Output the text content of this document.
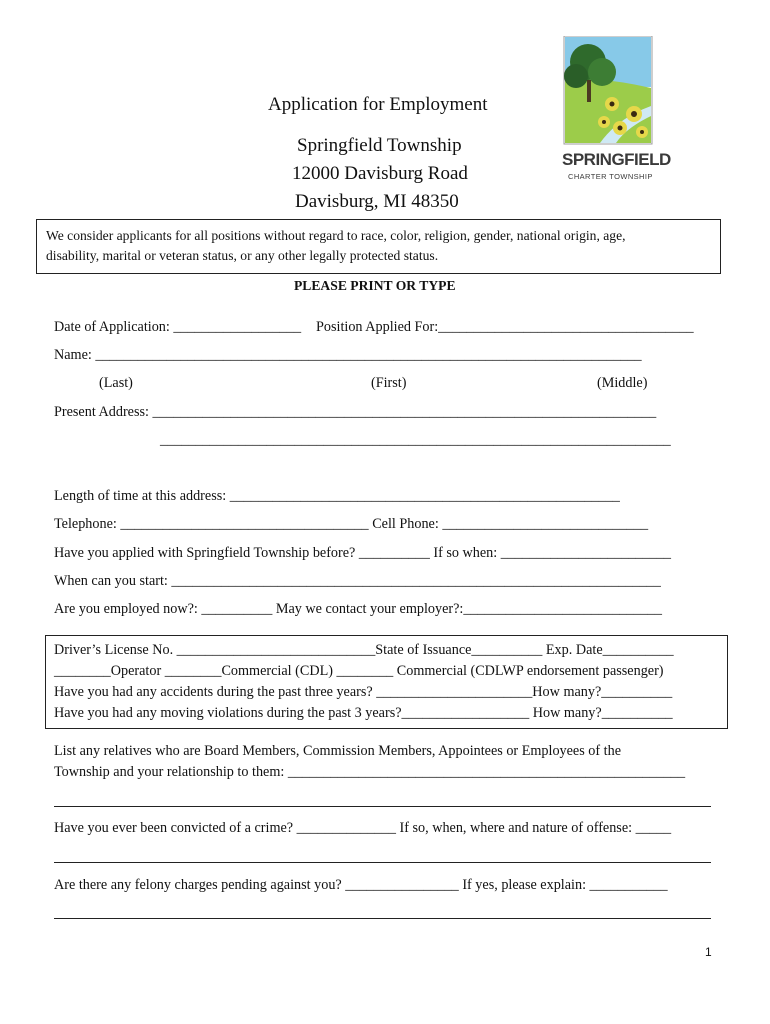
Application for Employment
Springfield Township
12000 Davisburg Road
Davisburg, MI 48350
SPRINGFIELD
CHARTER TOWNSHIP
We consider applicants for all positions without regard to race, color, religion, gender, national origin, age,
disability, marital or veteran status, or any other legally protected status.
PLEASE PRINT OR TYPE
Date of Application: __________________ Position Applied For:____________________________________
Name: _____________________________________________________________________________
(Last)	(First)	(Middle)
Present Address: _______________________________________________________________________
________________________________________________________________________
Length of time at this address: _______________________________________________________
Telephone: ___________________________________ Cell Phone: _____________________________
Have you applied with Springfield Township before? __________ If so when: ________________________
When can you start: _____________________________________________________________________
Are you employed now?: __________ May we contact your employer?:____________________________
Driver’s License No. ____________________________State of Issuance__________ Exp. Date__________
________Operator ________Commercial (CDL) ________ Commercial (CDLWP endorsement passenger)
Have you had any accidents during the past three years? ______________________How many?__________
Have you had any moving violations during the past 3 years?__________________ How many?__________
List any relatives who are Board Members, Commission Members, Appointees or Employees of the
Township and your relationship to them: ________________________________________________________
Have you ever been convicted of a crime? ______________ If so, when, where and nature of offense: _____
Are there any felony charges pending against you? ________________ If yes, please explain: ___________
1
